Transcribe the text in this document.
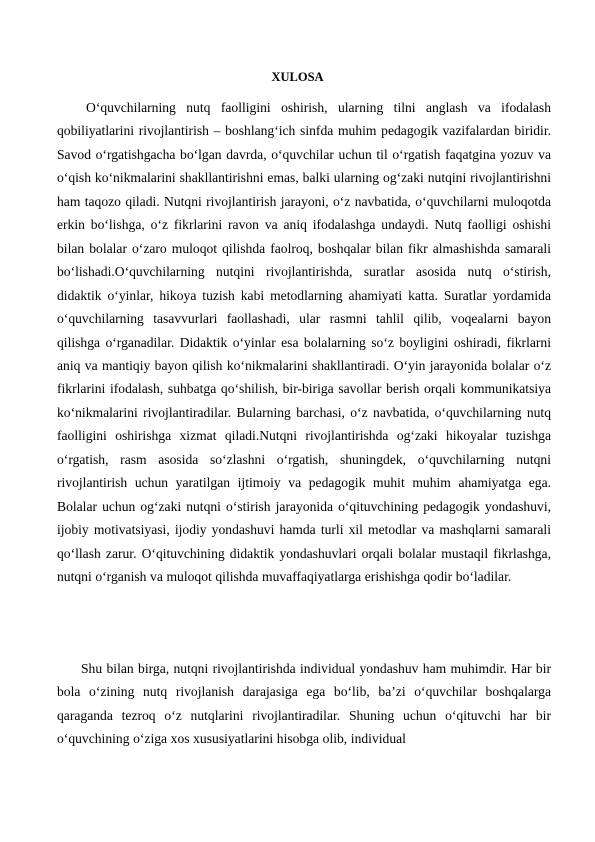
XULOSA

O‘quvchilarning nutq faolligini oshirish, ularning tilni anglash va ifodalash qobiliyatlarini rivojlantirish – boshlang‘ich sinfda muhim pedagogik vazifalardan biridir. Savod o‘rgatishgacha bo‘lgan davrda, o‘quvchilar uchun til o‘rgatish faqatgina yozuv va o‘qish ko‘nikmalarini shakllantirishni emas, balki ularning og‘zaki nutqini rivojlantirishni ham taqozo qiladi. Nutqni rivojlantirish jarayoni, o‘z navbatida, o‘quvchilarni muloqotda erkin bo‘lishga, o‘z fikrlarini ravon va aniq ifodalashga undaydi. Nutq faolligi oshishi bilan bolalar o‘zaro muloqot qilishda faolroq, boshqalar bilan fikr almashishda samarali bo‘lishadi.O‘quvchilarning nutqini rivojlantirishda, suratlar asosida nutq o‘stirish, didaktik o‘yinlar, hikoya tuzish kabi metodlarning ahamiyati katta. Suratlar yordamida o‘quvchilarning tasavvurlari faollashadi, ular rasmni tahlil qilib, voqealarni bayon qilishga o‘rganadilar. Didaktik o‘yinlar esa bolalarning so‘z boyligini oshiradi, fikrlarni aniq va mantiqiy bayon qilish ko‘nikmalarini shakllantiradi. O‘yin jarayonida bolalar o‘z fikrlarini ifodalash, suhbatga qo‘shilish, bir-biriga savollar berish orqali kommunikatsiya ko‘nikmalarini rivojlantiradilar. Bularning barchasi, o‘z navbatida, o‘quvchilarning nutq faolligini oshirishga xizmat qiladi.Nutqni rivojlantirishda og‘zaki hikoyalar tuzishga o‘rgatish, rasm asosida so‘zlashni o‘rgatish, shuningdek, o‘quvchilarning nutqni rivojlantirish uchun yaratilgan ijtimoiy va pedagogik muhit muhim ahamiyatga ega. Bolalar uchun og‘zaki nutqni o‘stirish jarayonida o‘qituvchining pedagogik yondashuvi, ijobiy motivatsiyasi, ijodiy yondashuvi hamda turli xil metodlar va mashqlarni samarali qo‘llash zarur. O‘qituvchining didaktik yondashuvlari orqali bolalar mustaqil fikrlashga, nutqni o‘rganish va muloqot qilishda muvaffaqiyatlarga erishishga qodir bo‘ladilar.

Shu bilan birga, nutqni rivojlantirishda individual yondashuv ham muhimdir. Har bir bola o‘zining nutq rivojlanish darajasiga ega bo‘lib, ba’zi o‘quvchilar boshqalarga qaraganda tezroq o‘z nutqlarini rivojlantiradilar. Shuning uchun o‘qituvchi har bir o‘quvchining o‘ziga xos xususiyatlarini hisobga olib, individual
